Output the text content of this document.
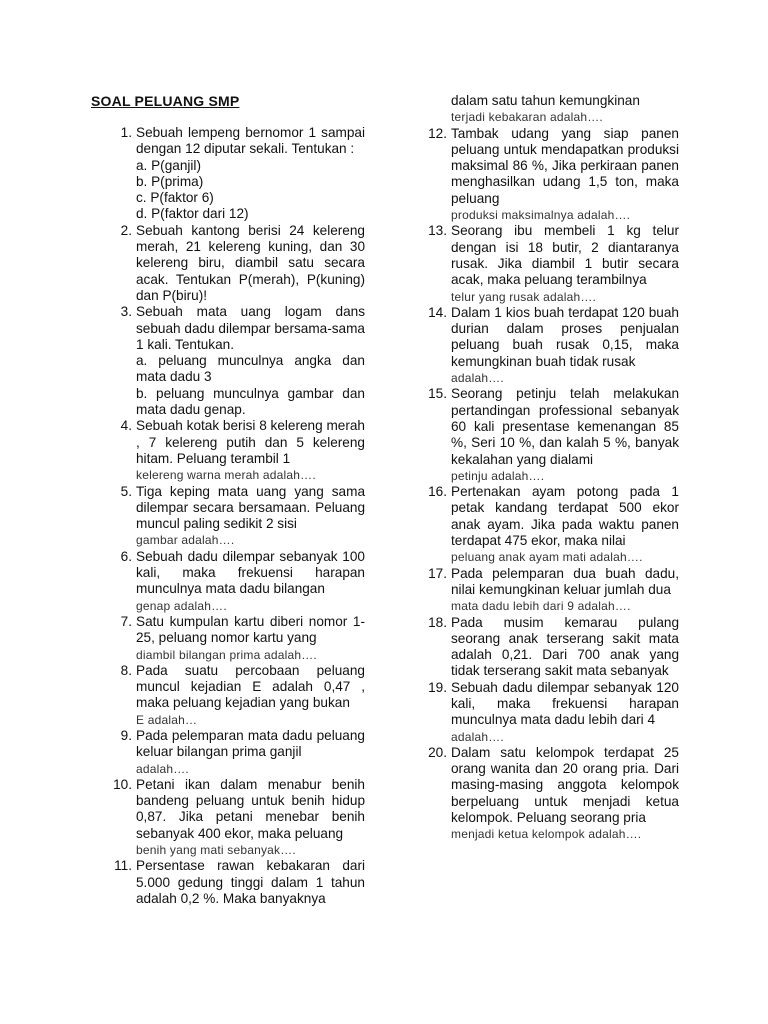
SOAL PELUANG SMP
1. Sebuah lempeng bernomor 1 sampai dengan 12 diputar sekali. Tentukan :
a. P(ganjil)
b. P(prima)
c. P(faktor 6)
d. P(faktor dari 12)
2. Sebuah kantong berisi 24 kelereng merah, 21 kelereng kuning, dan 30 kelereng biru, diambil satu secara acak. Tentukan P(merah), P(kuning) dan P(biru)!
3. Sebuah mata uang logam dans sebuah dadu dilempar bersama-sama 1 kali. Tentukan.
a. peluang munculnya angka dan mata dadu 3
b. peluang munculnya gambar dan mata dadu genap.
4. Sebuah kotak berisi 8 kelereng merah , 7 kelereng putih dan 5 kelereng hitam. Peluang terambil 1
kelereng warna merah adalah….
5. Tiga keping mata uang yang sama dilempar secara bersamaan. Peluang muncul paling sedikit 2 sisi
gambar adalah….
6. Sebuah dadu dilempar sebanyak 100 kali, maka frekuensi harapan munculnya mata dadu bilangan
genap adalah….
7. Satu kumpulan kartu diberi nomor 1-25, peluang nomor kartu yang
diambil bilangan prima adalah….
8. Pada suatu percobaan peluang muncul kejadian E adalah 0,47 , maka peluang kejadian yang bukan
E adalah…
9. Pada pelemparan mata dadu peluang keluar bilangan prima ganjil
adalah….
10. Petani ikan dalam menabur benih bandeng peluang untuk benih hidup 0,87. Jika petani menebar benih sebanyak 400 ekor, maka peluang
benih yang mati sebanyak….
11. Persentase rawan kebakaran dari 5.000 gedung tinggi dalam 1 tahun adalah 0,2 %. Maka banyaknya
dalam satu tahun kemungkinan
terjadi kebakaran adalah….
12. Tambak udang yang siap panen peluang untuk mendapatkan produksi maksimal 86 %, Jika perkiraan panen menghasilkan udang 1,5 ton, maka peluang
produksi maksimalnya adalah….
13. Seorang ibu membeli 1 kg telur dengan isi 18 butir, 2 diantaranya rusak. Jika diambil 1 butir secara acak, maka peluang terambilnya
telur yang rusak adalah….
14. Dalam 1 kios buah terdapat 120 buah durian dalam proses penjualan peluang buah rusak 0,15, maka kemungkinan buah tidak rusak
adalah….
15. Seorang petinju telah melakukan pertandingan professional sebanyak 60 kali presentase kemenangan 85 %, Seri 10 %, dan kalah 5 %, banyak kekalahan yang dialami
petinju adalah….
16. Pertenakan ayam potong pada 1 petak kandang terdapat 500 ekor anak ayam. Jika pada waktu panen terdapat 475 ekor, maka nilai
peluang anak ayam mati adalah….
17. Pada pelemparan dua buah dadu, nilai kemungkinan keluar jumlah dua
mata dadu lebih dari 9 adalah….
18. Pada musim kemarau pulang seorang anak terserang sakit mata adalah 0,21. Dari 700 anak yang tidak terserang sakit mata sebanyak
19. Sebuah dadu dilempar sebanyak 120 kali, maka frekuensi harapan munculnya mata dadu lebih dari 4
adalah….
20. Dalam satu kelompok terdapat 25 orang wanita dan 20 orang pria. Dari masing-masing anggota kelompok berpeluang untuk menjadi ketua kelompok. Peluang seorang pria
menjadi ketua kelompok adalah….
